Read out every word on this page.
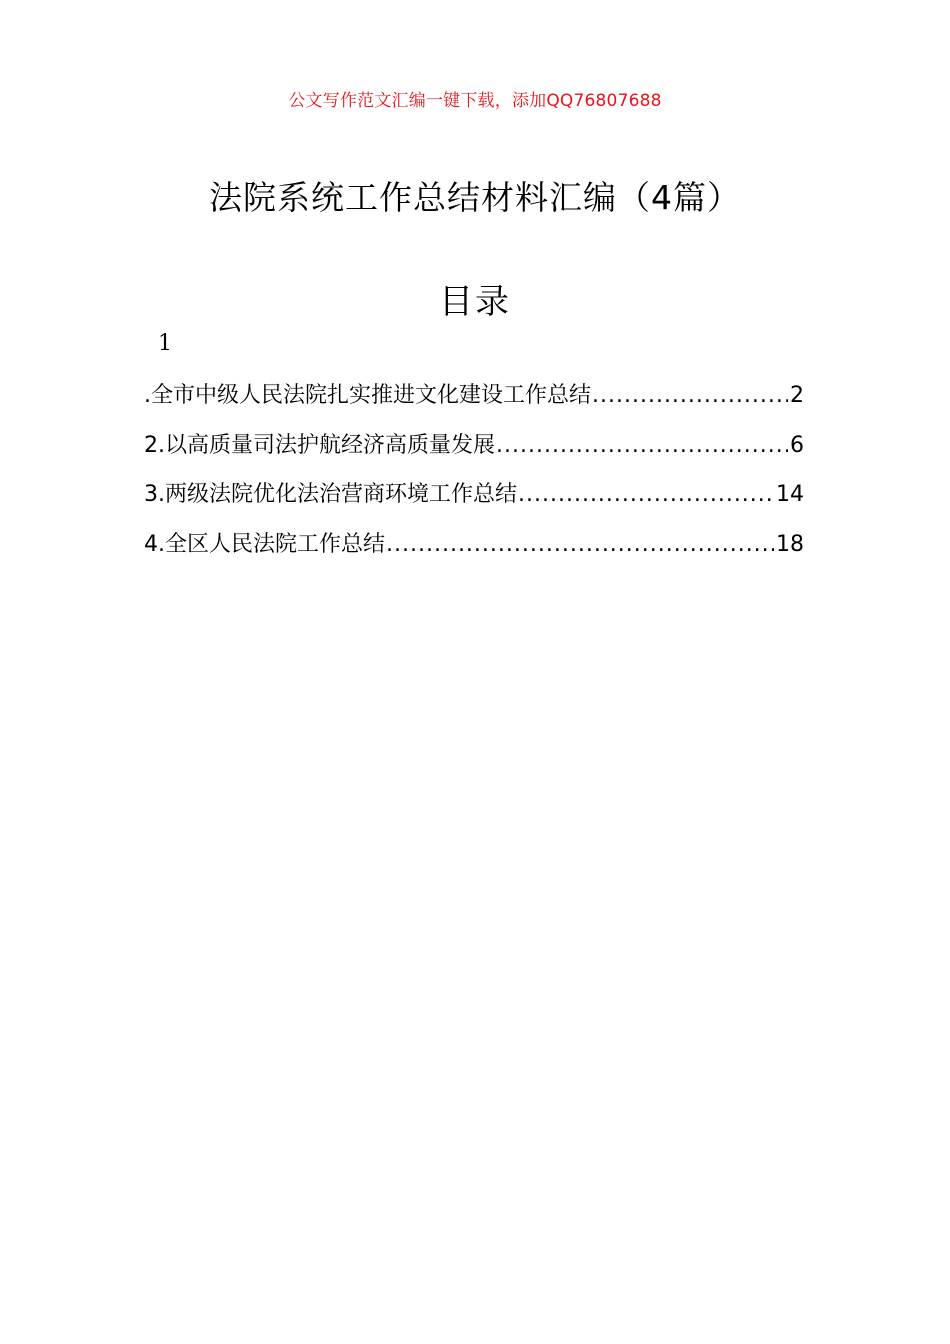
公文写作范文汇编一键下载，添加QQ76807688
法院系统工作总结材料汇编（4篇）
目录
1
.全市中级人民法院扎实推进文化建设工作总结 .....	2
2.以高质量司法护航经济高质量发展 .....	6
3.两级法院优化法治营商环境工作总结 .....	14
4.全区人民法院工作总结 .....	18
